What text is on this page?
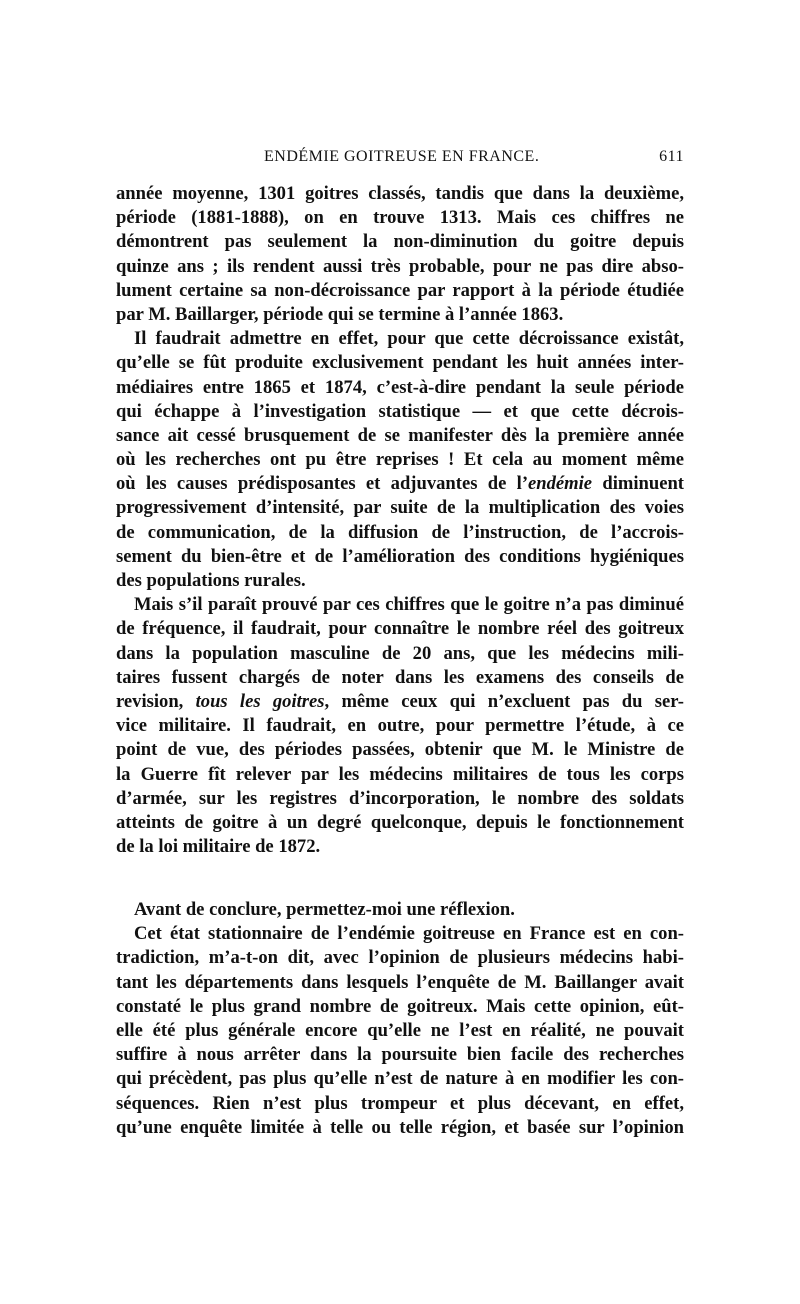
ENDÉMIE GOITREUSE EN FRANCE.	611
année moyenne, 1301 goitres classés, tandis que dans la deuxième,
période (1881-1888), on en trouve 1313. Mais ces chiffres ne
démontrent pas seulement la non-diminution du goitre depuis
quinze ans ; ils rendent aussi très probable, pour ne pas dire abso-
lument certaine sa non-décroissance par rapport à la période étudiée
par M. Baillarger, période qui se termine à l’année 1863.
Il faudrait admettre en effet, pour que cette décroissance existât,
qu’elle se fût produite exclusivement pendant les huit années inter-
médiaires entre 1865 et 1874, c’est-à-dire pendant la seule période
qui échappe à l’investigation statistique — et que cette décrois-
sance ait cessé brusquement de se manifester dès la première année
où les recherches ont pu être reprises ! Et cela au moment même
où les causes prédisposantes et adjuvantes de l’endémie diminuent
progressivement d’intensité, par suite de la multiplication des voies
de communication, de la diffusion de l’instruction, de l’accrois-
sement du bien-être et de l’amélioration des conditions hygiéniques
des populations rurales.
Mais s’il paraît prouvé par ces chiffres que le goitre n’a pas diminué
de fréquence, il faudrait, pour connaître le nombre réel des goitreux
dans la population masculine de 20 ans, que les médecins mili-
taires fussent chargés de noter dans les examens des conseils de
revision, tous les goitres, même ceux qui n’excluent pas du ser-
vice militaire. Il faudrait, en outre, pour permettre l’étude, à ce
point de vue, des périodes passées, obtenir que M. le Ministre de
la Guerre fît relever par les médecins militaires de tous les corps
d’armée, sur les registres d’incorporation, le nombre des soldats
atteints de goitre à un degré quelconque, depuis le fonctionnement
de la loi militaire de 1872.
Avant de conclure, permettez-moi une réflexion.
Cet état stationnaire de l’endémie goitreuse en France est en con-
tradiction, m’a-t-on dit, avec l’opinion de plusieurs médecins habi-
tant les départements dans lesquels l’enquête de M. Baillanger avait
constaté le plus grand nombre de goitreux. Mais cette opinion, eût-
elle été plus générale encore qu’elle ne l’est en réalité, ne pouvait
suffire à nous arrêter dans la poursuite bien facile des recherches
qui précèdent, pas plus qu’elle n’est de nature à en modifier les con-
séquences. Rien n’est plus trompeur et plus décevant, en effet,
qu’une enquête limitée à telle ou telle région, et basée sur l’opinion
